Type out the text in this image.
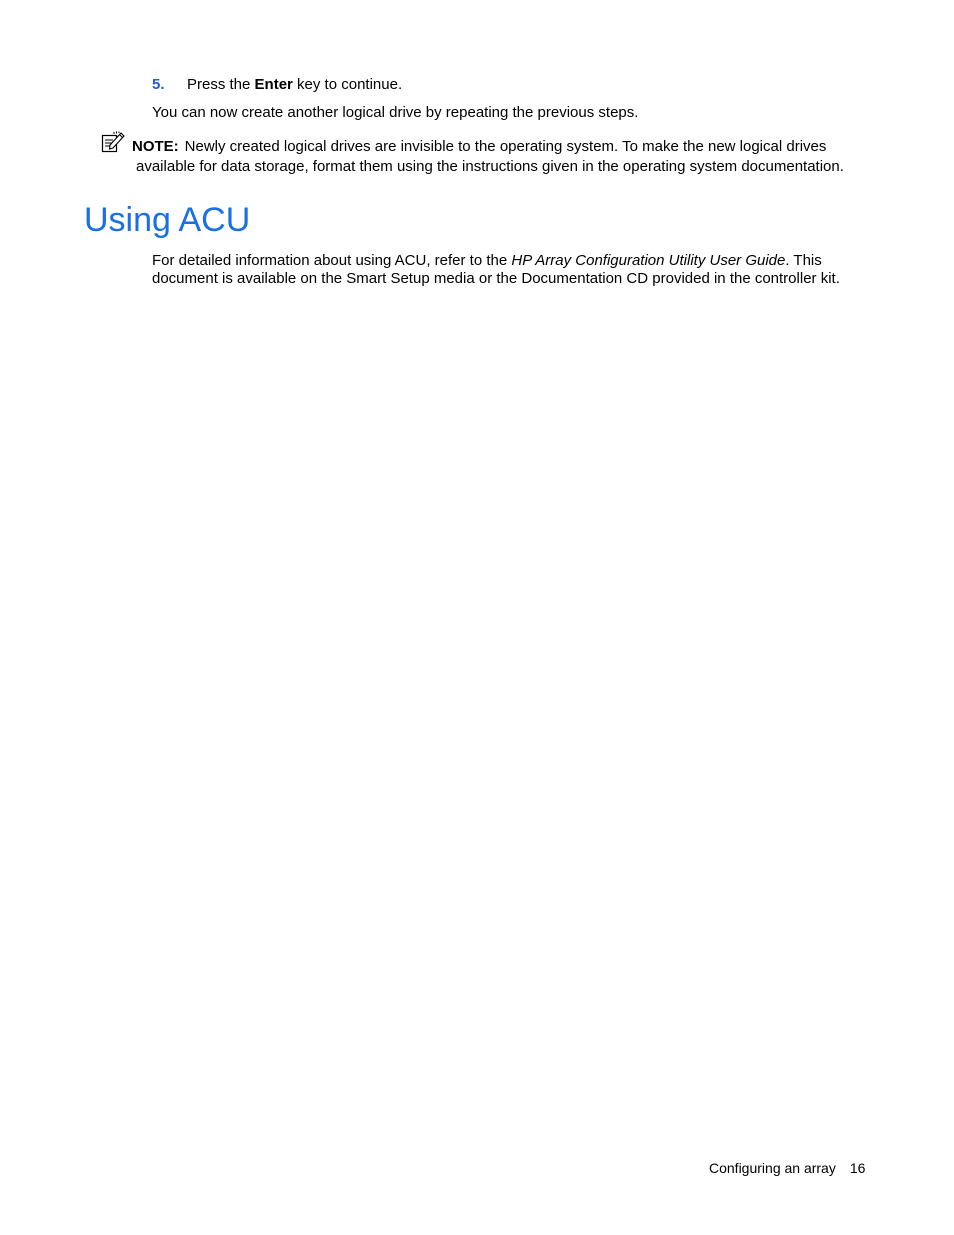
5. Press the Enter key to continue.
You can now create another logical drive by repeating the previous steps.
NOTE: Newly created logical drives are invisible to the operating system. To make the new logical drives
available for data storage, format them using the instructions given in the operating system documentation.
Using ACU
For detailed information about using ACU, refer to the HP Array Configuration Utility User Guide. This document is available on the Smart Setup media or the Documentation CD provided in the controller kit.
Configuring an array 16
